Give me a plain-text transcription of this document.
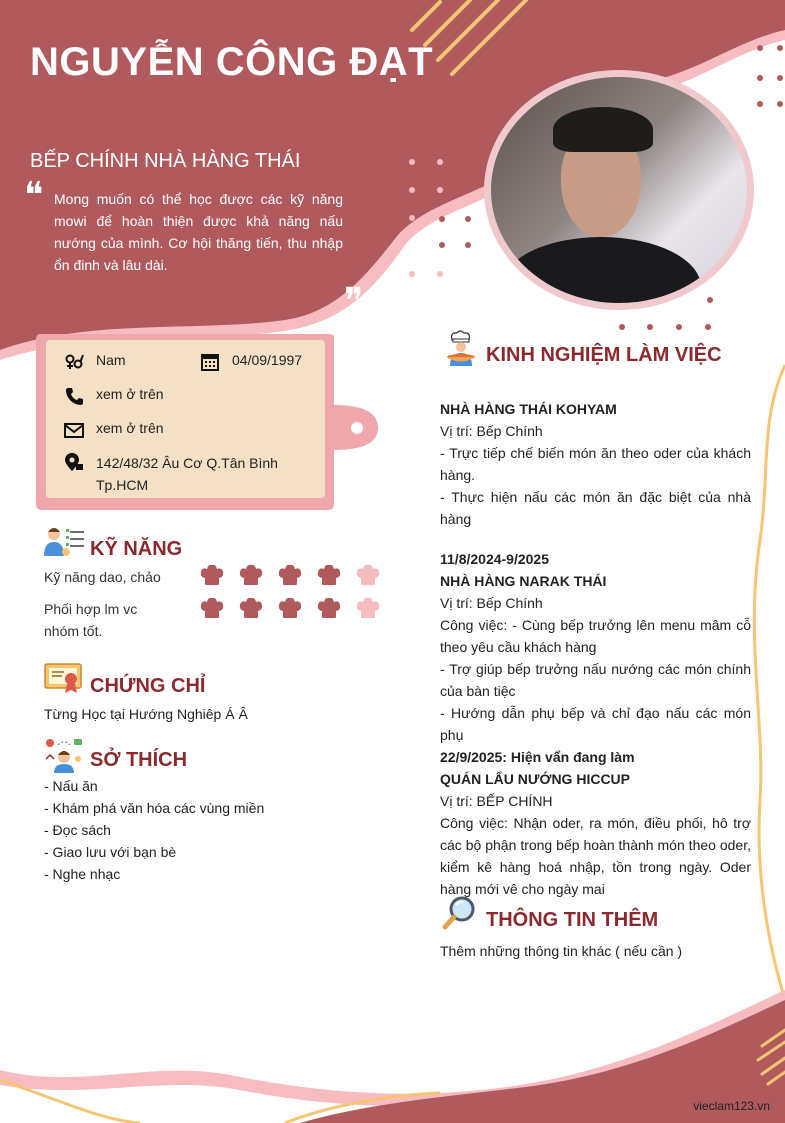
NGUYỄN CÔNG ĐẠT
BẾP CHÍNH NHÀ HÀNG THÁI
❝ Mong muốn có thể học được các kỹ năng mowi để hoàn thiện được khả năng nấu nướng của mình. Cơ hội thăng tiến, thu nhập ổn đinh và lâu dài.
❞
Nam	04/09/1997
xem ở trên
xem ở trên
142/48/32 Âu Cơ Q.Tân Bình
Tp.HCM
KỸ NĂNG
Kỹ năng dao, chảo
Phối hợp lm vc
nhóm tốt.
CHỨNG CHỈ
Từng Học tại Hướng Nghiêp Á Â
SỞ THÍCH
- Nấu ăn
- Khám phá văn hóa các vùng miền
- Đọc sách
- Giao lưu với bạn bè
- Nghe nhạc
KINH NGHIỆM LÀM VIỆC
NHÀ HÀNG THÁI KOHYAM
Vị trí: Bếp Chính
- Trực tiếp chế biến món ăn theo oder của khách hàng.
- Thực hiện nấu các món ăn đặc biệt của nhà hàng
11/8/2024-9/2025
NHÀ HÀNG NARAK THÁI
Vị trí: Bếp Chính
Công việc: - Cùng bếp trưởng lên menu mâm cỗ theo yêu cầu khách hàng
- Trợ giúp bếp trưởng nấu nướng các món chính của bàn tiệc
- Hướng dẫn phụ bếp và chỉ đạo nấu các món phụ
22/9/2025: Hiện vẩn đang làm
QUÁN LẨU NƯỚNG HICCUP
Vị trí: BẾP CHÍNH
Công việc: Nhận oder, ra món, điều phối, hô trợ các bộ phận trong bếp hoàn thành món theo oder, kiểm kê hàng hoá nhập, tồn trong ngày. Oder hàng mới vê cho ngày mai
THÔNG TIN THÊM
Thêm những thông tin khác ( nếu cần )
vieclam123.vn
